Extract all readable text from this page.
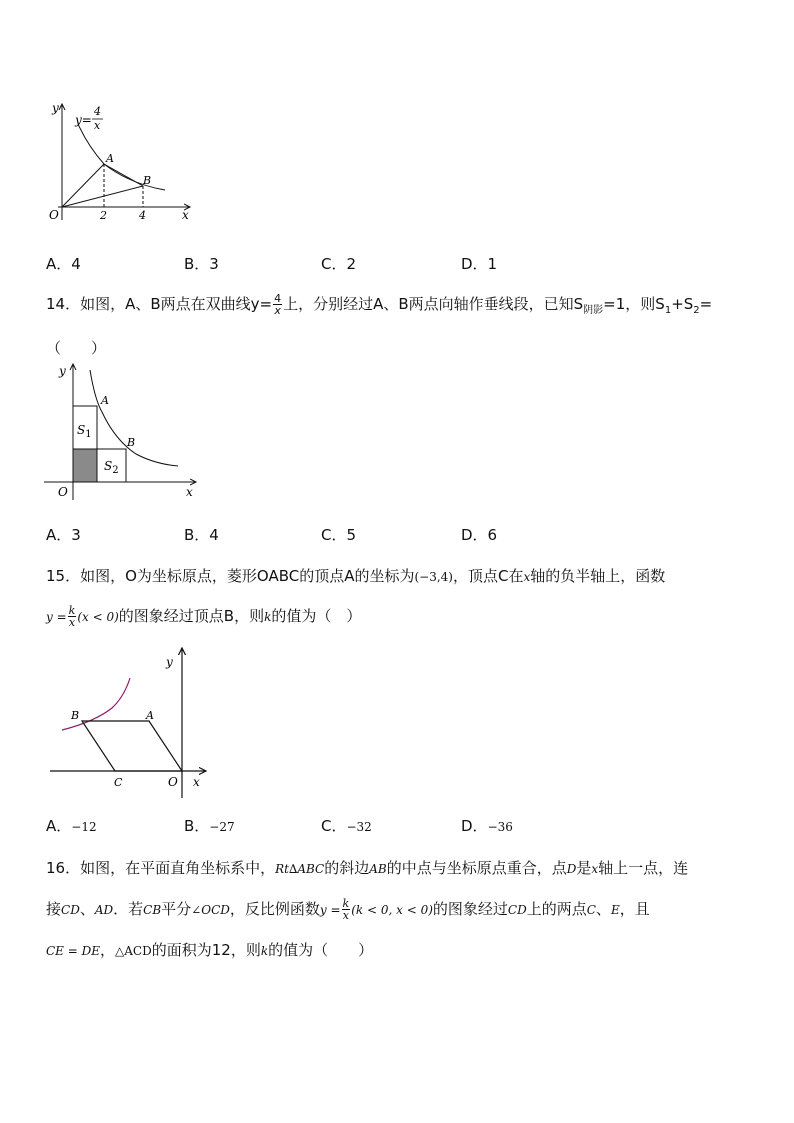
y
x
O
y=
4
x
A
B
2	4
A．4	B．3	C．2	D．1
14．如图，A、B两点在双曲线$y= \frac{4}{x}$ 上，分别经过A、B两点向轴作垂线段，已知$S_{阴影}=1$，则$S_1+S_2=$
（　　）
y
x
O
A
B
$S_1$
$S_2$
A．3	B．4	C．5	D．6
15．如图，O为坐标原点，菱形OABC的顶点A的坐标为(−3,4)，顶点C在x轴的负半轴上，函数
$y = \frac{k}{x} (x < 0)$的图象经过顶点B，则k的值为（　）
y
x
O
A
B
C
A．−12	B．−27	C．−32	D．−36
16．如图，在平面直角坐标系中，Rt∆ABC的斜边AB的中点与坐标原点重合，点D是x轴上一点，连
接CD、AD．若CB平分∠OCD，反比例函数$y = \frac{k}{x} (k < 0$, x < 0)的图象经过CD上的两点C、E，且
CE = DE，△ACD的面积为12，则k的值为（　　）
